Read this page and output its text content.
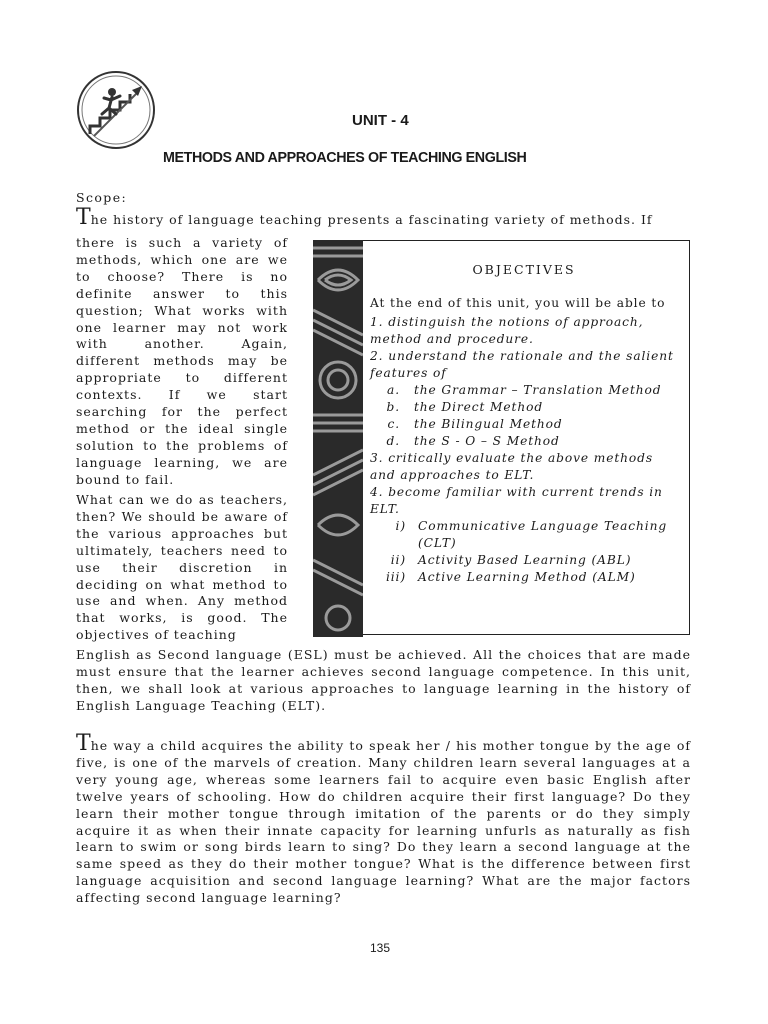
UNIT - 4
METHODS AND APPROACHES OF TEACHING ENGLISH
Scope:
The history of language teaching presents a fascinating variety of methods. If

there is such a variety of methods, which one are we to choose? There is no definite answer to this question; What works with one learner may not work with another. Again, different methods may be appropriate to different contexts. If we start searching for the perfect method or the ideal single solution to the problems of language learning, we are bound to fail.

What can we do as teachers, then? We should be aware of the various approaches but ultimately, teachers need to use their discretion in deciding on what method to use and when. Any method that works, is good. The objectives of teaching

English as Second language (ESL) must be achieved. All the choices that are made must ensure that the learner achieves second language competence. In this unit, then, we shall look at various approaches to language learning in the history of English Language Teaching (ELT).

OBJECTIVES
At the end of this unit, you will be able to
1. distinguish the notions of approach, method and procedure.
2. understand the rationale and the salient features of
a.	the Grammar – Translation Method
b.	the Direct Method
c.	the Bilingual Method
d.	the S - O – S Method
3. critically evaluate the above methods and approaches to ELT.
4. become familiar with current trends in ELT.
i) Communicative Language Teaching (CLT)
ii) Activity Based Learning (ABL)
iii) Active Learning Method (ALM)

The way a child acquires the ability to speak her / his mother tongue by the age of five, is one of the marvels of creation. Many children learn several languages at a very young age, whereas some learners fail to acquire even basic English after twelve years of schooling. How do children acquire their first language? Do they learn their mother tongue through imitation of the parents or do they simply acquire it as when their innate capacity for learning unfurls as naturally as fish learn to swim or song birds learn to sing? Do they learn a second language at the same speed as they do their mother tongue? What is the difference between first language acquisition and second language learning? What are the major factors affecting second language learning?

135
